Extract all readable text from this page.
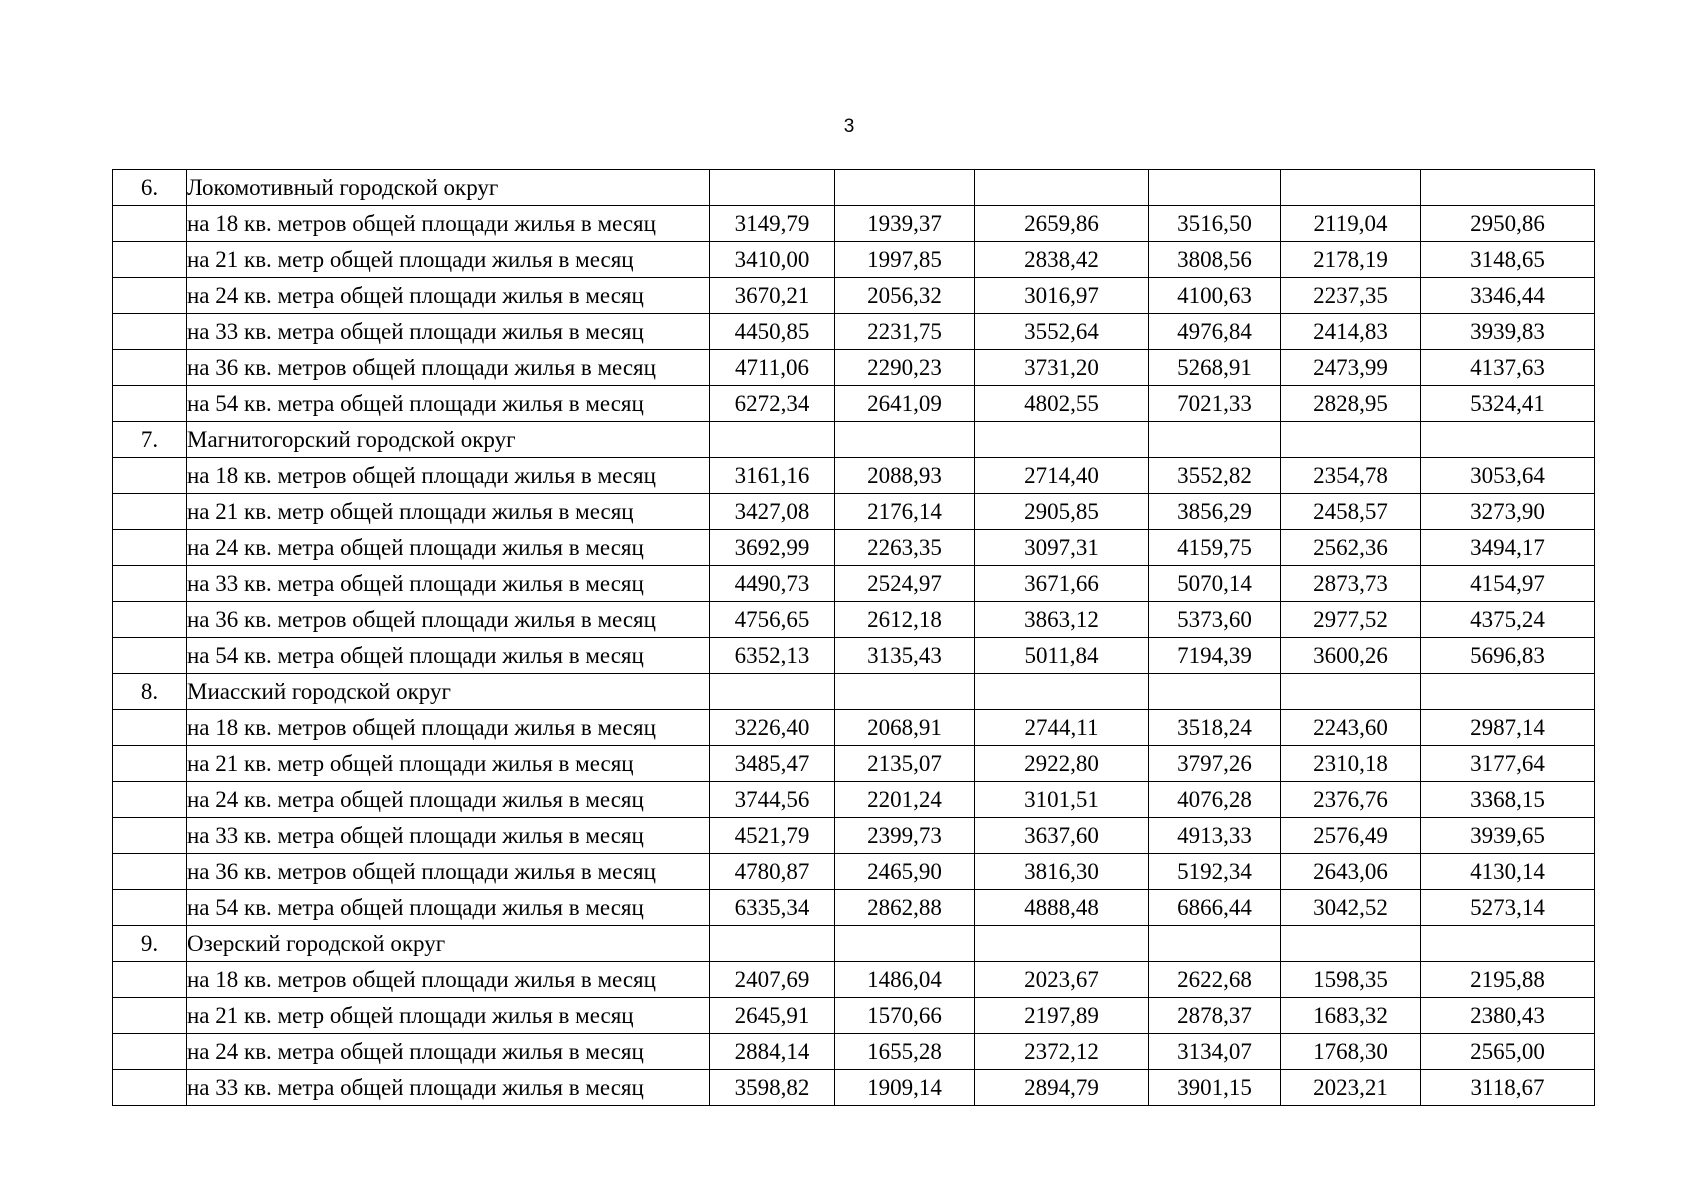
3
6.	Локомотивный городской округ						
	на 18 кв. метров общей площади жилья в месяц	3149,79	1939,37	2659,86	3516,50	2119,04	2950,86
	на 21 кв. метр общей площади жилья в месяц	3410,00	1997,85	2838,42	3808,56	2178,19	3148,65
	на 24 кв. метра общей площади жилья в месяц	3670,21	2056,32	3016,97	4100,63	2237,35	3346,44
	на 33 кв. метра общей площади жилья в месяц	4450,85	2231,75	3552,64	4976,84	2414,83	3939,83
	на 36 кв. метров общей площади жилья в месяц	4711,06	2290,23	3731,20	5268,91	2473,99	4137,63
	на 54 кв. метра общей площади жилья в месяц	6272,34	2641,09	4802,55	7021,33	2828,95	5324,41
7.	Магнитогорский городской округ						
	на 18 кв. метров общей площади жилья в месяц	3161,16	2088,93	2714,40	3552,82	2354,78	3053,64
	на 21 кв. метр общей площади жилья в месяц	3427,08	2176,14	2905,85	3856,29	2458,57	3273,90
	на 24 кв. метра общей площади жилья в месяц	3692,99	2263,35	3097,31	4159,75	2562,36	3494,17
	на 33 кв. метра общей площади жилья в месяц	4490,73	2524,97	3671,66	5070,14	2873,73	4154,97
	на 36 кв. метров общей площади жилья в месяц	4756,65	2612,18	3863,12	5373,60	2977,52	4375,24
	на 54 кв. метра общей площади жилья в месяц	6352,13	3135,43	5011,84	7194,39	3600,26	5696,83
8.	Миасский городской округ						
	на 18 кв. метров общей площади жилья в месяц	3226,40	2068,91	2744,11	3518,24	2243,60	2987,14
	на 21 кв. метр общей площади жилья в месяц	3485,47	2135,07	2922,80	3797,26	2310,18	3177,64
	на 24 кв. метра общей площади жилья в месяц	3744,56	2201,24	3101,51	4076,28	2376,76	3368,15
	на 33 кв. метра общей площади жилья в месяц	4521,79	2399,73	3637,60	4913,33	2576,49	3939,65
	на 36 кв. метров общей площади жилья в месяц	4780,87	2465,90	3816,30	5192,34	2643,06	4130,14
	на 54 кв. метра общей площади жилья в месяц	6335,34	2862,88	4888,48	6866,44	3042,52	5273,14
9.	Озерский городской округ						
	на 18 кв. метров общей площади жилья в месяц	2407,69	1486,04	2023,67	2622,68	1598,35	2195,88
	на 21 кв. метр общей площади жилья в месяц	2645,91	1570,66	2197,89	2878,37	1683,32	2380,43
	на 24 кв. метра общей площади жилья в месяц	2884,14	1655,28	2372,12	3134,07	1768,30	2565,00
	на 33 кв. метра общей площади жилья в месяц	3598,82	1909,14	2894,79	3901,15	2023,21	3118,67
